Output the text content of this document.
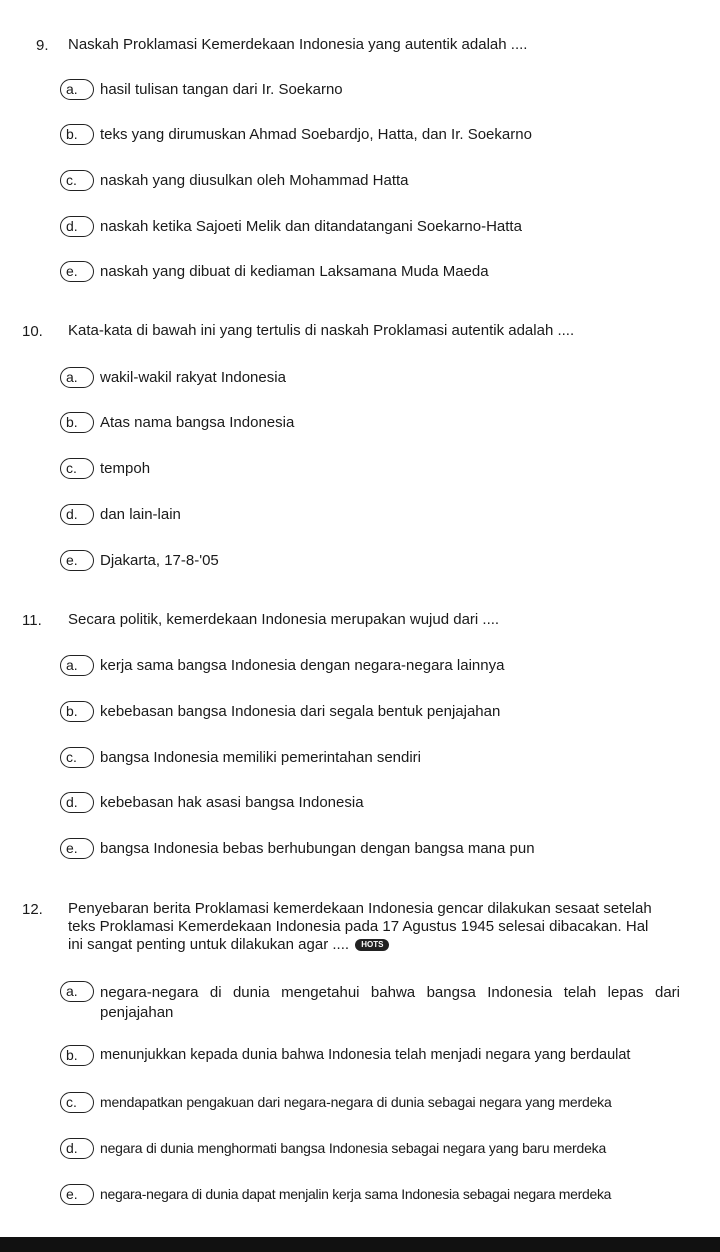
9. Naskah Proklamasi Kemerdekaan Indonesia yang autentik adalah ....
a.	hasil tulisan tangan dari Ir. Soekarno
b.	teks yang dirumuskan Ahmad Soebardjo, Hatta, dan Ir. Soekarno
c.	naskah yang diusulkan oleh Mohammad Hatta
d.	naskah ketika Sajoeti Melik dan ditandatangani Soekarno-Hatta
e.	naskah yang dibuat di kediaman Laksamana Muda Maeda
10. Kata-kata di bawah ini yang tertulis di naskah Proklamasi autentik adalah ....
a.	wakil-wakil rakyat Indonesia
b.	Atas nama bangsa Indonesia
c.	tempoh
d.	dan lain-lain
e.	Djakarta, 17-8-'05
11. Secara politik, kemerdekaan Indonesia merupakan wujud dari ....
a.	kerja sama bangsa Indonesia dengan negara-negara lainnya
b.	kebebasan bangsa Indonesia dari segala bentuk penjajahan
c.	bangsa Indonesia memiliki pemerintahan sendiri
d.	kebebasan hak asasi bangsa Indonesia
e.	bangsa Indonesia bebas berhubungan dengan bangsa mana pun
12. Penyebaran berita Proklamasi kemerdekaan Indonesia gencar dilakukan sesaat setelah
teks Proklamasi Kemerdekaan Indonesia pada 17 Agustus 1945 selesai dibacakan. Hal
ini sangat penting untuk dilakukan agar .... HOTS
a.	negara-negara di dunia mengetahui bahwa bangsa Indonesia telah lepas dari penjajahan
b.	menunjukkan kepada dunia bahwa Indonesia telah menjadi negara yang berdaulat
c.	mendapatkan pengakuan dari negara-negara di dunia sebagai negara yang merdeka
d.	negara di dunia menghormati bangsa Indonesia sebagai negara yang baru merdeka
e.	negara-negara di dunia dapat menjalin kerja sama Indonesia sebagai negara merdeka
